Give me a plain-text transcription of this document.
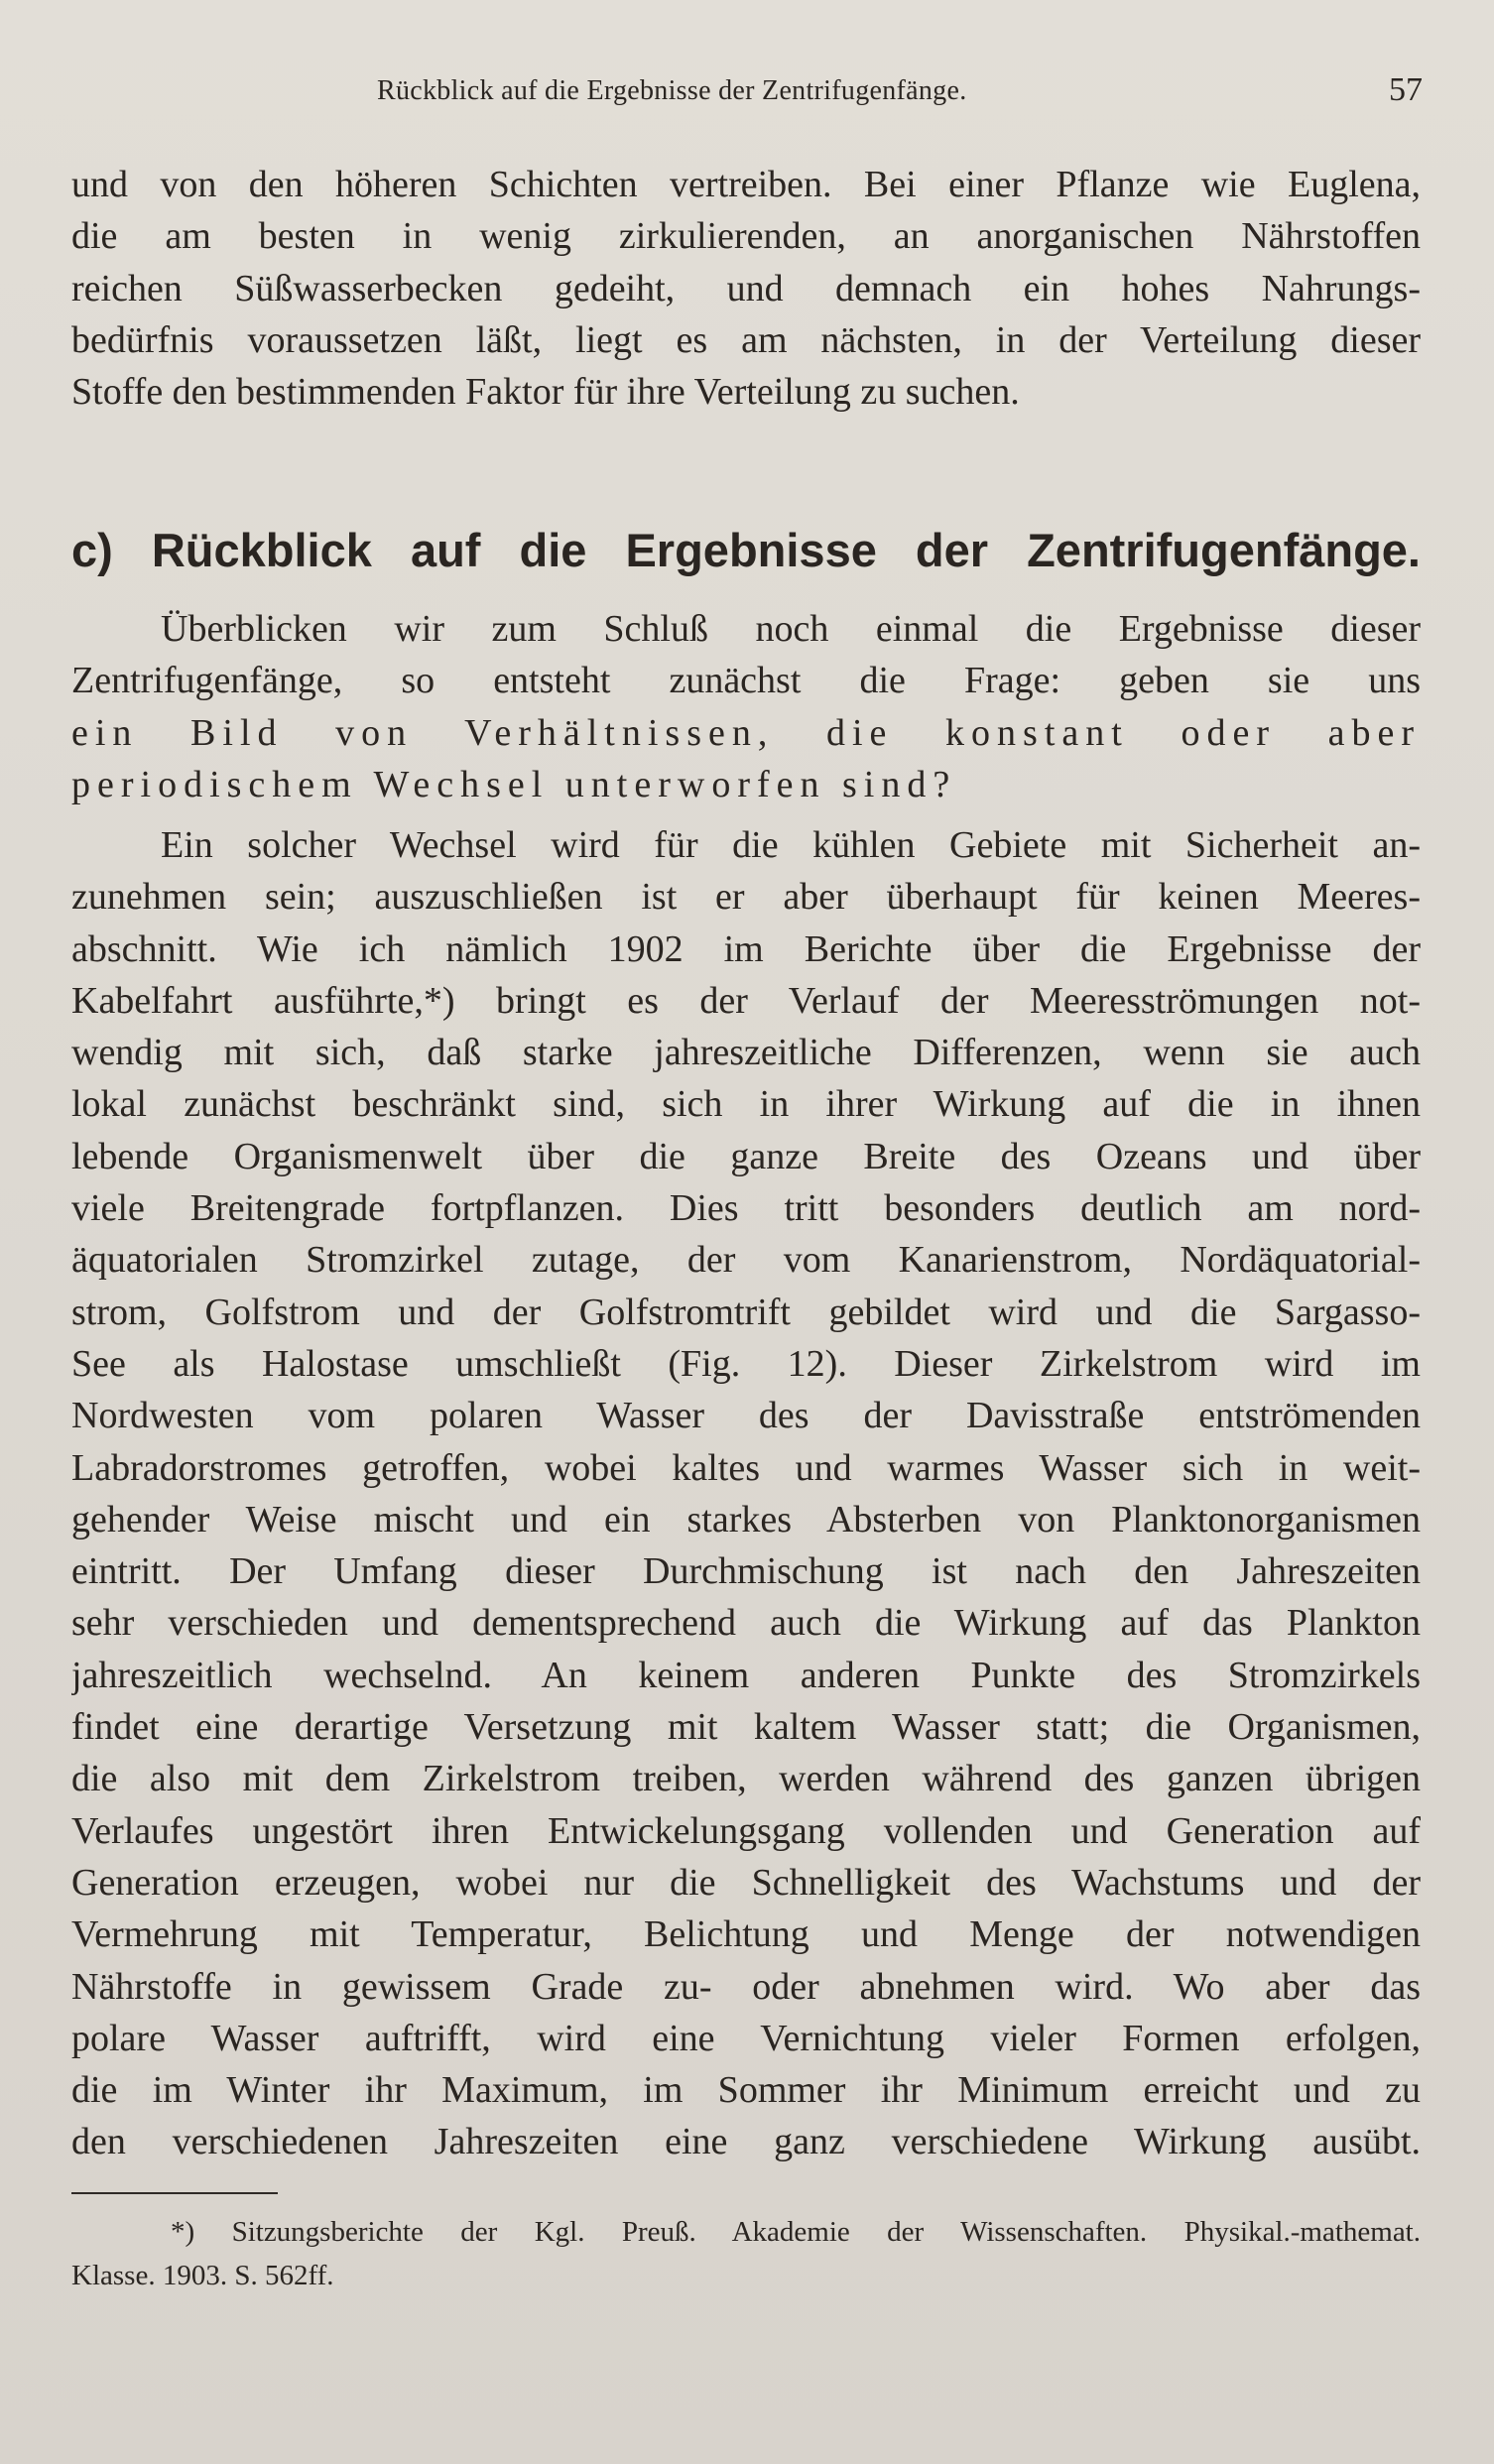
Rückblick auf die Ergebnisse der Zentrifugenfänge.	57
und von den höheren Schichten vertreiben. Bei einer Pflanze wie Euglena,
die am besten in wenig zirkulierenden, an anorganischen Nährstoffen
reichen Süßwasserbecken gedeiht, und demnach ein hohes Nahrungs-
bedürfnis voraussetzen läßt, liegt es am nächsten, in der Verteilung dieser
Stoffe den bestimmenden Faktor für ihre Verteilung zu suchen.
c) Rückblick auf die Ergebnisse der Zentrifugenfänge.
Überblicken wir zum Schluß noch einmal die Ergebnisse dieser
Zentrifugenfänge, so entsteht zunächst die Frage: geben sie uns
ein Bild von Verhältnissen, die konstant oder aber
periodischem Wechsel unterworfen sind?
Ein solcher Wechsel wird für die kühlen Gebiete mit Sicherheit an-
zunehmen sein; auszuschließen ist er aber überhaupt für keinen Meeres-
abschnitt. Wie ich nämlich 1902 im Berichte über die Ergebnisse der
Kabelfahrt ausführte,*) bringt es der Verlauf der Meeresströmungen not-
wendig mit sich, daß starke jahreszeitliche Differenzen, wenn sie auch
lokal zunächst beschränkt sind, sich in ihrer Wirkung auf die in ihnen
lebende Organismenwelt über die ganze Breite des Ozeans und über
viele Breitengrade fortpflanzen. Dies tritt besonders deutlich am nord-
äquatorialen Stromzirkel zutage, der vom Kanarienstrom, Nordäquatorial-
strom, Golfstrom und der Golfstromtrift gebildet wird und die Sargasso-
See als Halostase umschließt (Fig. 12). Dieser Zirkelstrom wird im
Nordwesten vom polaren Wasser des der Davisstraße entströmenden
Labradorstromes getroffen, wobei kaltes und warmes Wasser sich in weit-
gehender Weise mischt und ein starkes Absterben von Planktonorganismen
eintritt. Der Umfang dieser Durchmischung ist nach den Jahreszeiten
sehr verschieden und dementsprechend auch die Wirkung auf das Plankton
jahreszeitlich wechselnd. An keinem anderen Punkte des Stromzirkels
findet eine derartige Versetzung mit kaltem Wasser statt; die Organismen,
die also mit dem Zirkelstrom treiben, werden während des ganzen übrigen
Verlaufes ungestört ihren Entwickelungsgang vollenden und Generation auf
Generation erzeugen, wobei nur die Schnelligkeit des Wachstums und der
Vermehrung mit Temperatur, Belichtung und Menge der notwendigen
Nährstoffe in gewissem Grade zu- oder abnehmen wird. Wo aber das
polare Wasser auftrifft, wird eine Vernichtung vieler Formen erfolgen,
die im Winter ihr Maximum, im Sommer ihr Minimum erreicht und zu
den verschiedenen Jahreszeiten eine ganz verschiedene Wirkung ausübt.
*) Sitzungsberichte der Kgl. Preuß. Akademie der Wissenschaften. Physikal.-mathemat.
Klasse. 1903. S. 562ff.
